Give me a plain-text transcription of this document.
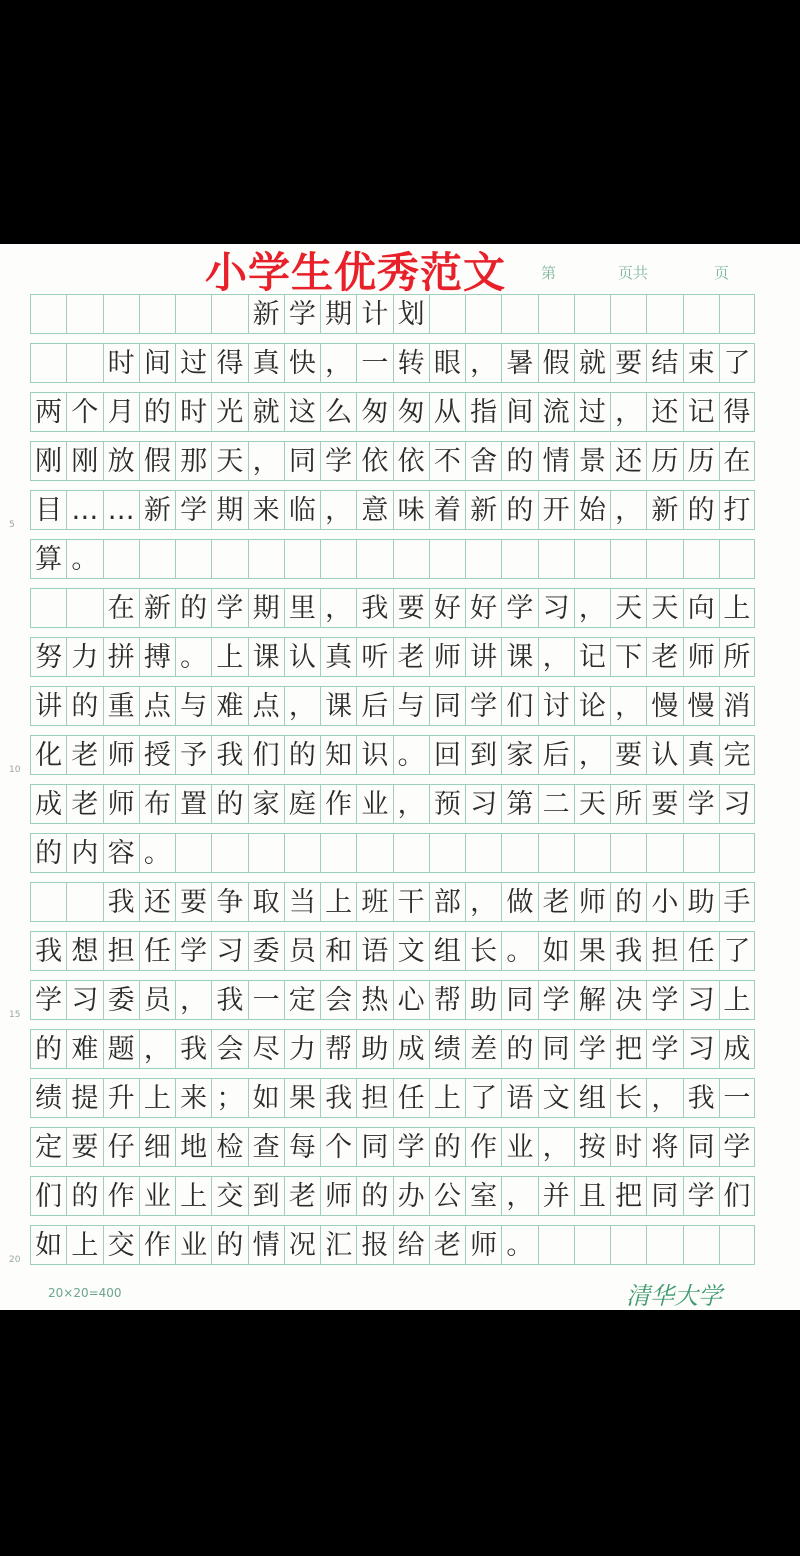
第	页共	页
新 学 期 计 划
时 间 过 得 真 快 ， 一 转 眼 ， 暑 假 就 要 结 束 了
两 个 月 的 时 光 就 这 么 匆 匆 从 指 间 流 过 ， 还 记 得
刚 刚 放 假 那 天 ， 同 学 依 依 不 舍 的 情 景 还 历 历 在
目 … … 新 学 期 来 临 ， 意 味 着 新 的 开 始 ， 新 的 打
5
算 。
在 新 的 学 期 里 ， 我 要 好 好 学 习 ， 天 天 向 上
努 力 拼 搏 。 上 课 认 真 听 老 师 讲 课 ， 记 下 老 师 所
讲 的 重 点 与 难 点 ， 课 后 与 同 学 们 讨 论 ， 慢 慢 消
化 老 师 授 予 我 们 的 知 识 。 回 到 家 后 ， 要 认 真 完
10
成 老 师 布 置 的 家 庭 作 业 ， 预 习 第 二 天 所 要 学 习
的 内 容 。
我 还 要 争 取 当 上 班 干 部 ， 做 老 师 的 小 助 手
我 想 担 任 学 习 委 员 和 语 文 组 长 。 如 果 我 担 任 了
学 习 委 员 ， 我 一 定 会 热 心 帮 助 同 学 解 决 学 习 上
15
的 难 题 ， 我 会 尽 力 帮 助 成 绩 差 的 同 学 把 学 习 成
绩 提 升 上 来 ； 如 果 我 担 任 上 了 语 文 组 长 ， 我 一
定 要 仔 细 地 检 查 每 个 同 学 的 作 业 ， 按 时 将 同 学
们 的 作 业 上 交 到 老 师 的 办 公 室 ， 并 且 把 同 学 们
如 上 交 作 业 的 情 况 汇 报 给 老 师 。
20
小学生优秀范文
20×20=400	清华大学
